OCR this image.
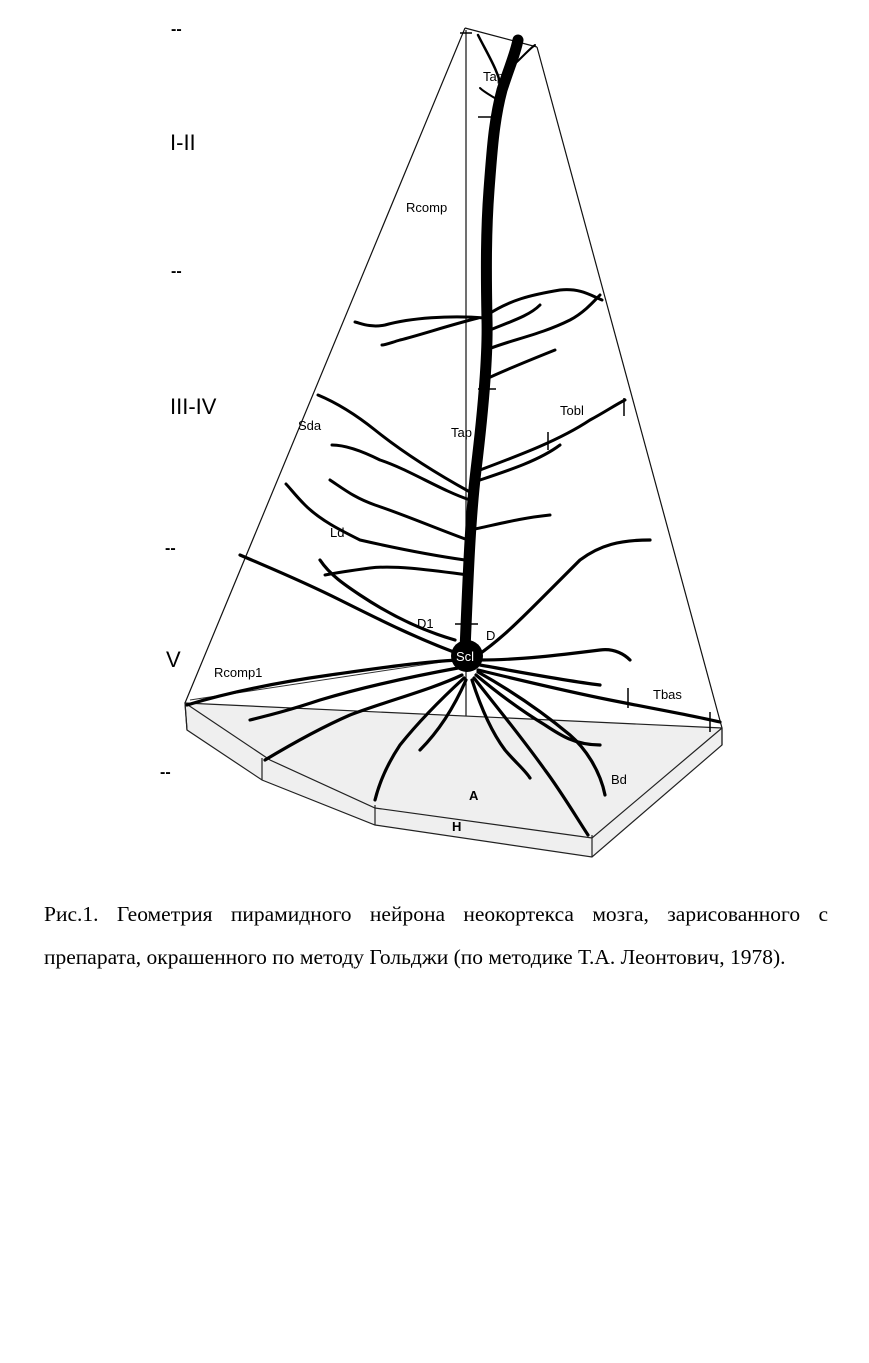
--
--
--
--
I-II
III-IV
V
Tap
Rcomp
Sda	Tap
Tobl
Ld
D1
D
Scl
Rcomp1
Tbas
Bd
A
H
Рис.1. Геометрия пирамидного нейрона неокортекса мозга, зарисованного с препарата, окрашенного по методу Гольджи (по методике Т.А. Леонтович, 1978).
